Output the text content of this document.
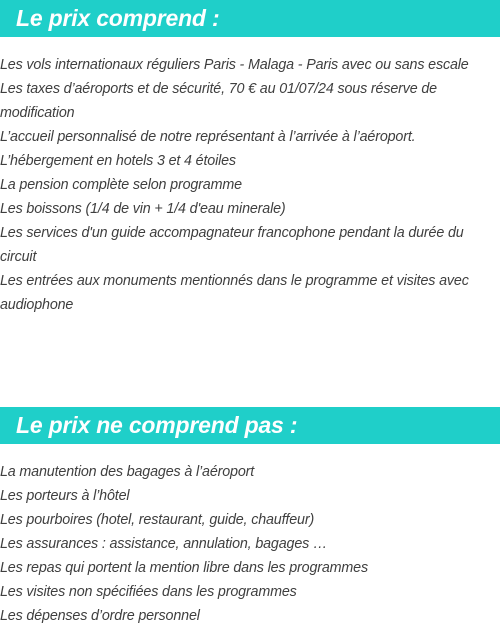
Le prix comprend :
Les vols internationaux réguliers Paris - Malaga - Paris avec ou sans escale
Les taxes d’aéroports et de sécurité, 70 € au 01/07/24 sous réserve de modification
L’accueil personnalisé de notre représentant à l’arrivée à l’aéroport.
L’hébergement en hotels 3 et 4 étoiles
La pension complète selon programme
Les boissons (1/4 de vin + 1/4 d'eau minerale)
Les services d'un guide accompagnateur francophone pendant la durée du circuit
Les entrées aux monuments mentionnés dans le programme et visites avec audiophone
Le prix ne comprend pas :
La manutention des bagages à l’aéroport
Les porteurs à l’hôtel
Les pourboires (hotel, restaurant, guide, chauffeur)
Les assurances : assistance, annulation, bagages …
Les repas qui portent la mention libre dans les programmes
Les visites non spécifiées dans les programmes
Les dépenses d’ordre personnel
